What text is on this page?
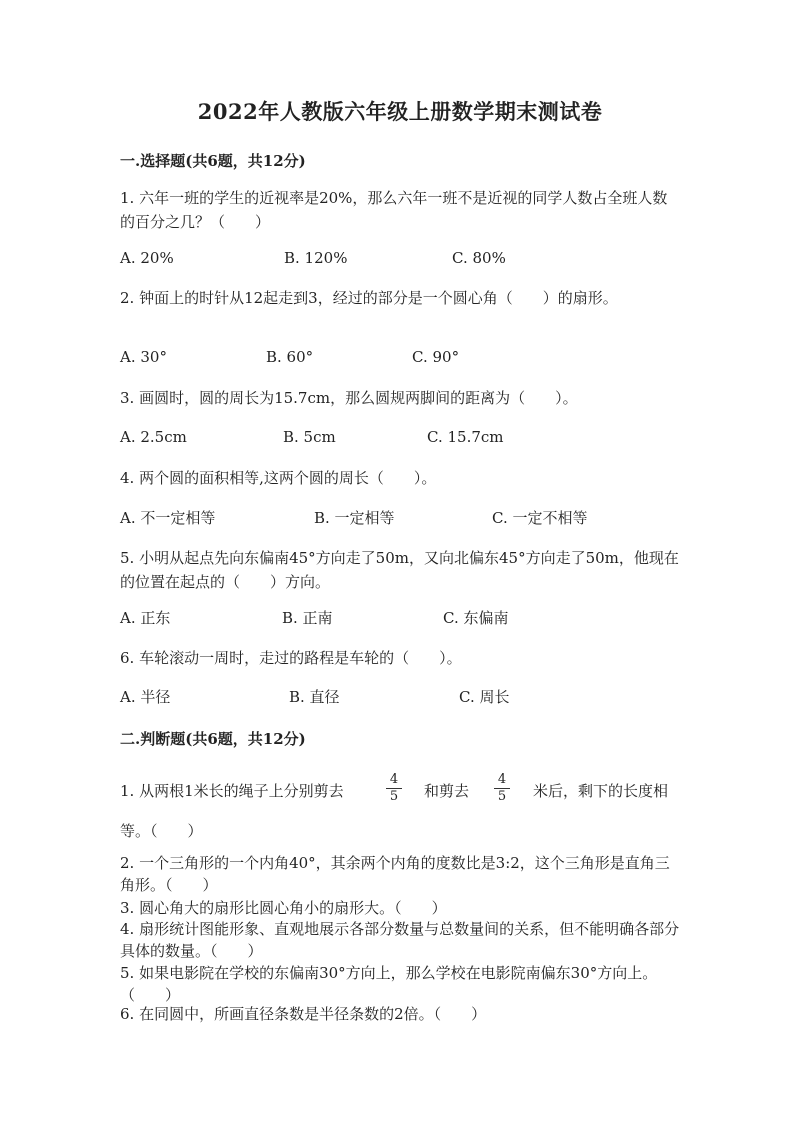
2022年人教版六年级上册数学期末测试卷
一.选择题(共6题，共12分)
1. 六年一班的学生的近视率是20%，那么六年一班不是近视的同学人数占全班人数的百分之几？（　　）
A. 20%	B. 120%	C. 80%
2. 钟面上的时针从12起走到3，经过的部分是一个圆心角（　　）的扇形。
A. 30°	B. 60°	C. 90°
3. 画圆时，圆的周长为15.7cm，那么圆规两脚间的距离为（　　）。
A. 2.5cm	B. 5cm	C. 15.7cm
4. 两个圆的面积相等,这两个圆的周长（　　）。
A. 不一定相等	B. 一定相等	C. 一定不相等
5. 小明从起点先向东偏南45°方向走了50m，又向北偏东45°方向走了50m，他现在的位置在起点的（　　）方向。
A. 正东	B. 正南	C. 东偏南
6. 车轮滚动一周时，走过的路程是车轮的（　　）。
A. 半径	B. 直径	C. 周长
二.判断题(共6题，共12分)
1. 从两根1米长的绳子上分别剪去
4
5 和剪去
4
5 米后，剩下的长度相
等。（　　）
2. 一个三角形的一个内角40°，其余两个内角的度数比是3:2，这个三角形是直角三角形。（　　）
3. 圆心角大的扇形比圆心角小的扇形大。（　　）
4. 扇形统计图能形象、直观地展示各部分数量与总数量间的关系，但不能明确各部分具体的数量。（　　）
5. 如果电影院在学校的东偏南30°方向上，那么学校在电影院南偏东30°方向上。（　　）
6. 在同圆中，所画直径条数是半径条数的2倍。（　　）
